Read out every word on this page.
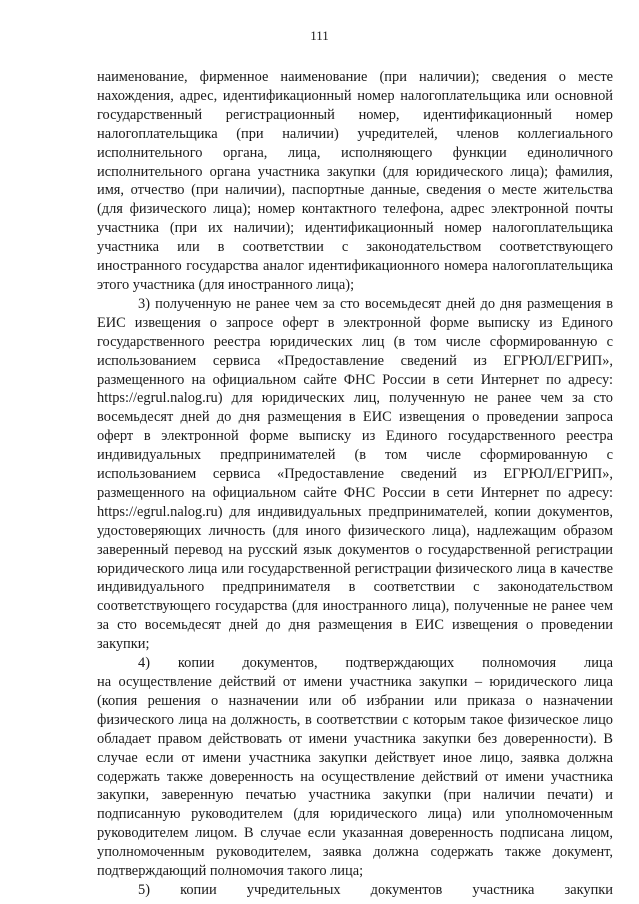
111

наименование, фирменное наименование (при наличии); сведения о месте нахождения, адрес, идентификационный номер налогоплательщика или основной государственный регистрационный номер, идентификационный номер налогоплательщика (при наличии) учредителей, членов коллегиального исполнительного органа, лица, исполняющего функции единоличного исполнительного органа участника закупки (для юридического лица); фамилия, имя, отчество (при наличии), паспортные данные, сведения о месте жительства (для физического лица); номер контактного телефона, адрес электронной почты участника (при их наличии); идентификационный номер налогоплательщика участника или в соответствии с законодательством соответствующего иностранного государства аналог идентификационного номера налогоплательщика этого участника (для иностранного лица);

3) полученную не ранее чем за сто восемьдесят дней до дня размещения в ЕИС извещения о запросе оферт в электронной форме выписку из Единого государственного реестра юридических лиц (в том числе сформированную с использованием сервиса «Предоставление сведений из ЕГРЮЛ/ЕГРИП», размещенного на официальном сайте ФНС России в сети Интернет по адресу: https://egrul.nalog.ru) для юридических лиц, полученную не ранее чем за сто восемьдесят дней до дня размещения в ЕИС извещения о проведении запроса оферт в электронной форме выписку из Единого государственного реестра индивидуальных предпринимателей (в том числе сформированную с использованием сервиса «Предоставление сведений из ЕГРЮЛ/ЕГРИП», размещенного на официальном сайте ФНС России в сети Интернет по адресу: https://egrul.nalog.ru) для индивидуальных предпринимателей, копии документов, удостоверяющих личность (для иного физического лица), надлежащим образом заверенный перевод на русский язык документов о государственной регистрации юридического лица или государственной регистрации физического лица в качестве индивидуального предпринимателя в соответствии с законодательством соответствующего государства (для иностранного лица), полученные не ранее чем за сто восемьдесят дней до дня размещения в ЕИС извещения о проведении закупки;

4) копии документов, подтверждающих полномочия лица

на осуществление действий от имени участника закупки – юридического лица (копия решения о назначении или об избрании или приказа о назначении физического лица на должность, в соответствии с которым такое физическое лицо обладает правом действовать от имени участника закупки без доверенности). В случае если от имени участника закупки действует иное лицо, заявка должна содержать также доверенность на осуществление действий от имени участника закупки, заверенную печатью участника закупки (при наличии печати) и подписанную руководителем (для юридического лица) или уполномоченным руководителем лицом. В случае если указанная доверенность подписана лицом, уполномоченным руководителем, заявка должна содержать также документ, подтверждающий полномочия такого лица;

5) копии учредительных документов участника закупки
